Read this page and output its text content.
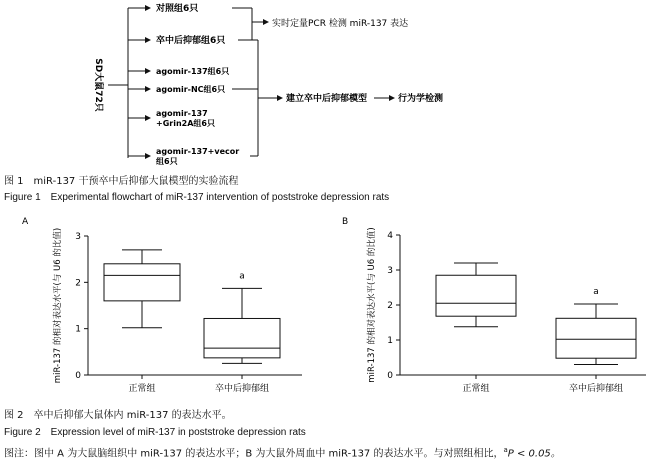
SD大鼠72只
对照组6只
卒中后抑郁组6只
agomir-137组6只
agomir-NC组6只
agomir-137 +Grin2A组6只
agomir-137+vecor 组6只
实时定量PCR 检测 miR-137 表达
建立卒中后抑郁模型	行为学检测
图 1　miR-137 干预卒中后抑郁大鼠模型的实验流程
Figure 1　Experimental flowchart of miR-137 intervention of poststroke depression rats
A
0
1
2
3
miR-137 的相对表达水平(与 U6 的比值)
正常组	卒中后抑郁组
a
B
0
1
2
3
4
miR-137 的相对表达水平(与 U6 的比值)
正常组	卒中后抑郁组
a
图 2　卒中后抑郁大鼠体内 miR-137 的表达水平。
Figure 2　Expression level of miR-137 in poststroke depression rats
图注：图中 A 为大鼠脑组织中 miR-137 的表达水平；B 为大鼠外周血中 miR-137 的表达水平。与对照组相比，$^a$P < 0.05。
